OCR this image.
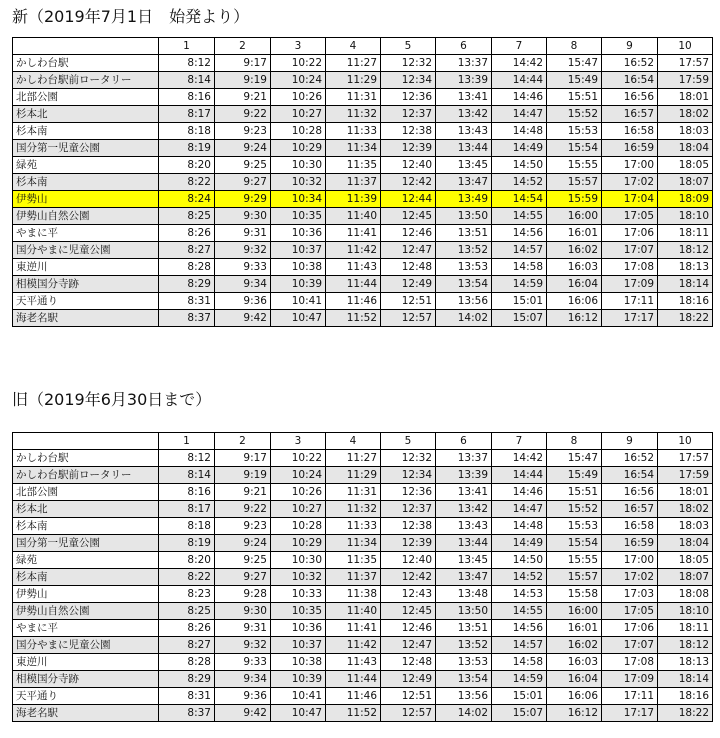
新（2019年7月1日　始発より）
	1	2	3	4	5	6	7	8	9	10
かしわ台駅	8:12	9:17	10:22	11:27	12:32	13:37	14:42	15:47	16:52	17:57
かしわ台駅前ロータリー	8:14	9:19	10:24	11:29	12:34	13:39	14:44	15:49	16:54	17:59
北部公園	8:16	9:21	10:26	11:31	12:36	13:41	14:46	15:51	16:56	18:01
杉本北	8:17	9:22	10:27	11:32	12:37	13:42	14:47	15:52	16:57	18:02
杉本南	8:18	9:23	10:28	11:33	12:38	13:43	14:48	15:53	16:58	18:03
国分第一児童公園	8:19	9:24	10:29	11:34	12:39	13:44	14:49	15:54	16:59	18:04
緑苑	8:20	9:25	10:30	11:35	12:40	13:45	14:50	15:55	17:00	18:05
杉本南	8:22	9:27	10:32	11:37	12:42	13:47	14:52	15:57	17:02	18:07
伊勢山	8:24	9:29	10:34	11:39	12:44	13:49	14:54	15:59	17:04	18:09
伊勢山自然公園	8:25	9:30	10:35	11:40	12:45	13:50	14:55	16:00	17:05	18:10
やまに平	8:26	9:31	10:36	11:41	12:46	13:51	14:56	16:01	17:06	18:11
国分やまに児童公園	8:27	9:32	10:37	11:42	12:47	13:52	14:57	16:02	17:07	18:12
東逆川	8:28	9:33	10:38	11:43	12:48	13:53	14:58	16:03	17:08	18:13
相模国分寺跡	8:29	9:34	10:39	11:44	12:49	13:54	14:59	16:04	17:09	18:14
天平通り	8:31	9:36	10:41	11:46	12:51	13:56	15:01	16:06	17:11	18:16
海老名駅	8:37	9:42	10:47	11:52	12:57	14:02	15:07	16:12	17:17	18:22
旧（2019年6月30日まで）
	1	2	3	4	5	6	7	8	9	10
かしわ台駅	8:12	9:17	10:22	11:27	12:32	13:37	14:42	15:47	16:52	17:57
かしわ台駅前ロータリー	8:14	9:19	10:24	11:29	12:34	13:39	14:44	15:49	16:54	17:59
北部公園	8:16	9:21	10:26	11:31	12:36	13:41	14:46	15:51	16:56	18:01
杉本北	8:17	9:22	10:27	11:32	12:37	13:42	14:47	15:52	16:57	18:02
杉本南	8:18	9:23	10:28	11:33	12:38	13:43	14:48	15:53	16:58	18:03
国分第一児童公園	8:19	9:24	10:29	11:34	12:39	13:44	14:49	15:54	16:59	18:04
緑苑	8:20	9:25	10:30	11:35	12:40	13:45	14:50	15:55	17:00	18:05
杉本南	8:22	9:27	10:32	11:37	12:42	13:47	14:52	15:57	17:02	18:07
伊勢山	8:23	9:28	10:33	11:38	12:43	13:48	14:53	15:58	17:03	18:08
伊勢山自然公園	8:25	9:30	10:35	11:40	12:45	13:50	14:55	16:00	17:05	18:10
やまに平	8:26	9:31	10:36	11:41	12:46	13:51	14:56	16:01	17:06	18:11
国分やまに児童公園	8:27	9:32	10:37	11:42	12:47	13:52	14:57	16:02	17:07	18:12
東逆川	8:28	9:33	10:38	11:43	12:48	13:53	14:58	16:03	17:08	18:13
相模国分寺跡	8:29	9:34	10:39	11:44	12:49	13:54	14:59	16:04	17:09	18:14
天平通り	8:31	9:36	10:41	11:46	12:51	13:56	15:01	16:06	17:11	18:16
海老名駅	8:37	9:42	10:47	11:52	12:57	14:02	15:07	16:12	17:17	18:22
